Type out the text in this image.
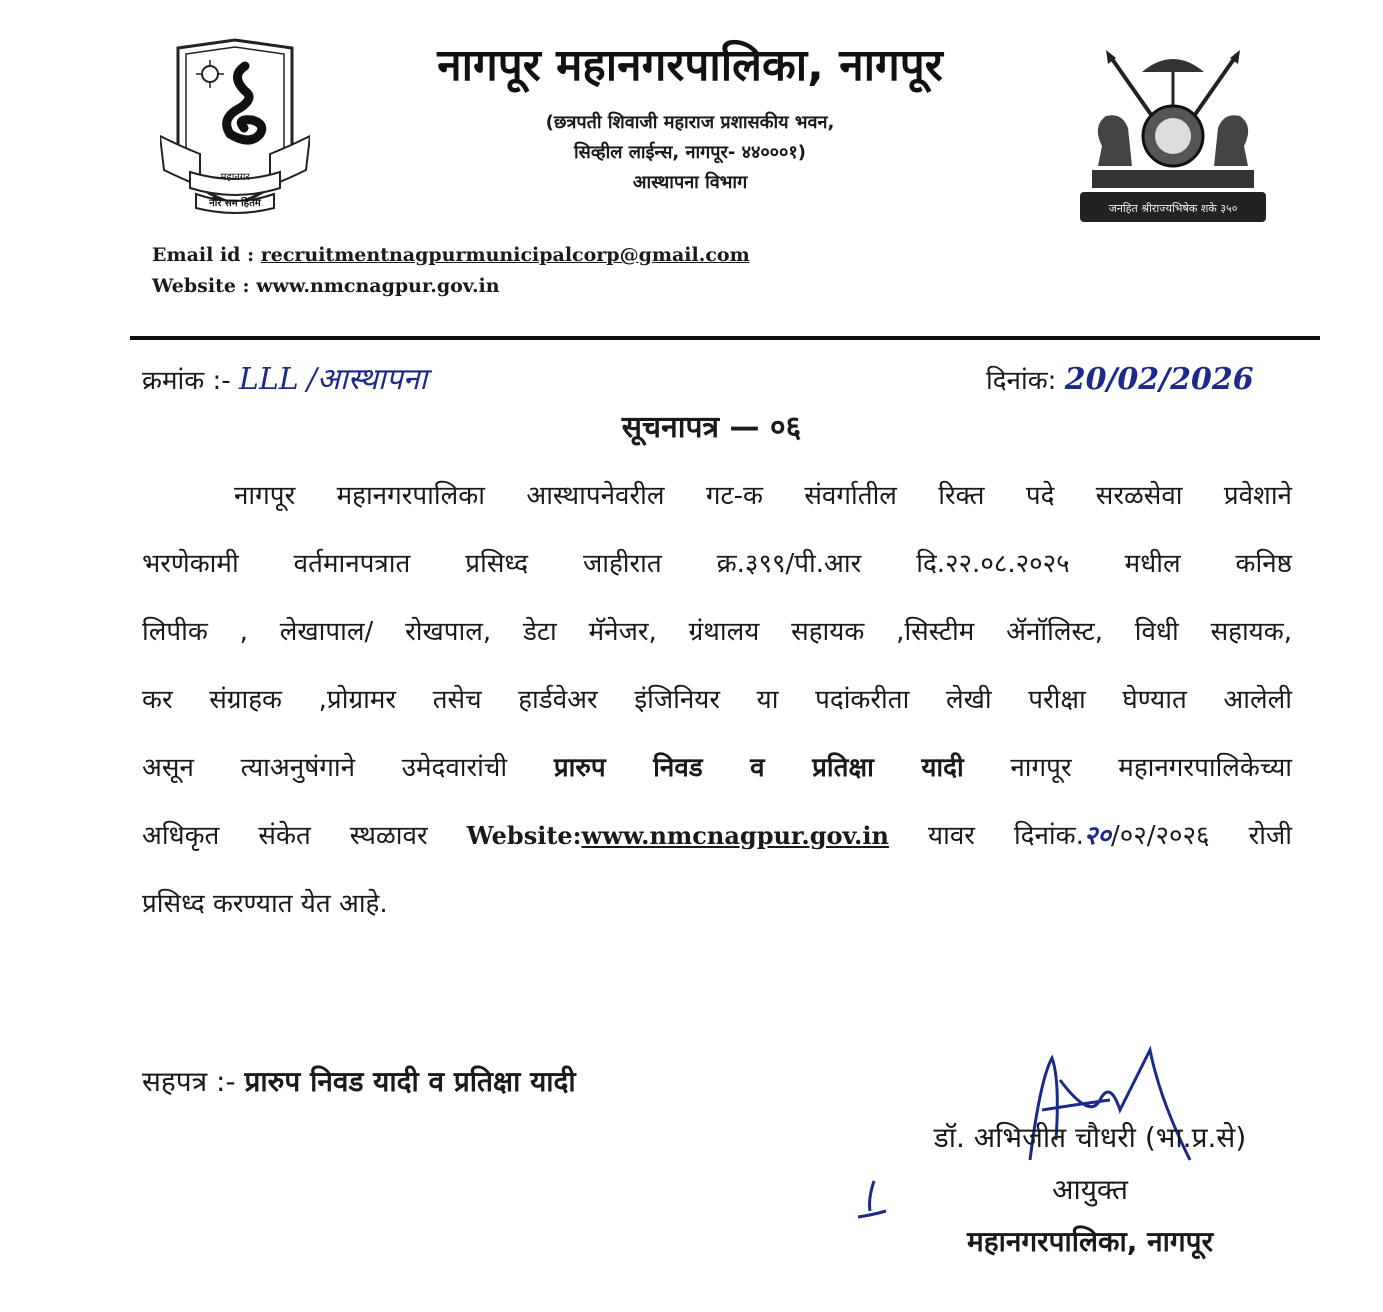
महानगर
नीर सम हितम
नागपूर महानगरपालिका, नागपूर
(छत्रपती शिवाजी महाराज प्रशासकीय भवन,
सिव्हील लाईन्स, नागपूर- ४४०००१)
आस्थापना विभाग
जनहित श्रीराज्यभिषेक शके ३५०
Email id : recruitmentnagpurmunicipalcorp@gmail.com
Website : www.nmcnagpur.gov.in
क्रमांक :- LLL /आस्थापना	दिनांक: 20/02/2026
सूचनापत्र — ०६
नागपूर महानगरपालिका आस्थापनेवरील गट-क संवर्गातील रिक्त पदे सरळसेवा प्रवेशाने
भरणेकामी वर्तमानपत्रात प्रसिध्द जाहीरात क्र.३९९/पी.आर दि.२२.०८.२०२५ मधील कनिष्ठ
लिपीक , लेखापाल/ रोखपाल, डेटा मॅनेजर, ग्रंथालय सहायक ,सिस्टीम ॲनॉलिस्ट, विधी सहायक,
कर संग्राहक ,प्रोग्रामर तसेच हार्डवेअर इंजिनियर या पदांकरीता लेखी परीक्षा घेण्यात आलेली
असून त्याअनुषंगाने उमेदवारांची प्रारुप निवड व प्रतिक्षा यादी नागपूर महानगरपालिकेच्या
अधिकृत संकेत स्थळावर Website:www.nmcnagpur.gov.in यावर दिनांक.२०/०२/२०२६ रोजी
प्रसिध्द करण्यात येत आहे.
सहपत्र :- प्रारुप निवड यादी व प्रतिक्षा यादी
डॉ. अभिजीत चौधरी (भा.प्र.से)
आयुक्त
महानगरपालिका, नागपूर
